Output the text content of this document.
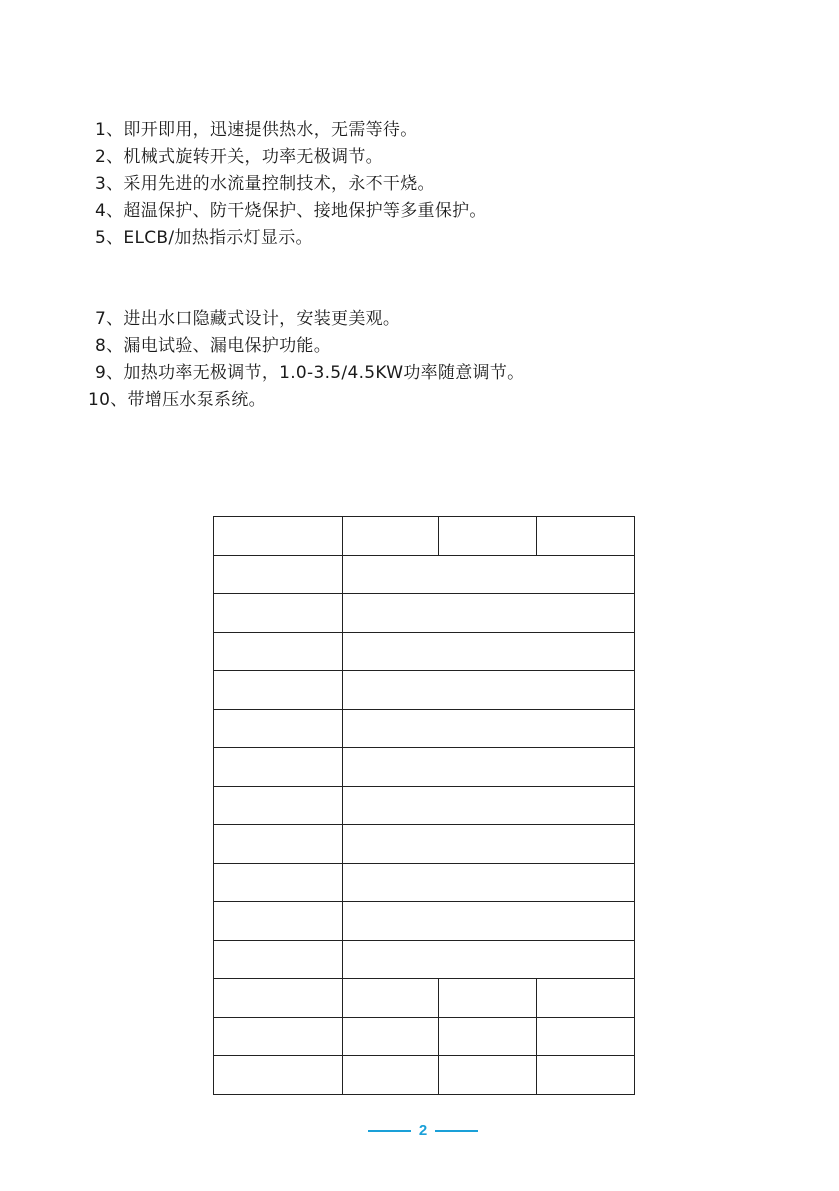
1、即开即用，迅速提供热水，无需等待。
2、机械式旋转开关，功率无极调节。
3、采用先进的水流量控制技术，永不干烧。
4、超温保护、防干烧保护、接地保护等多重保护。
5、ELCB/加热指示灯显示。
7、进出水口隐藏式设计，安装更美观。
8、漏电试验、漏电保护功能。
9、加热功率无极调节，1.0-3.5/4.5KW功率随意调节。
10、带增压水泵系统。

2
